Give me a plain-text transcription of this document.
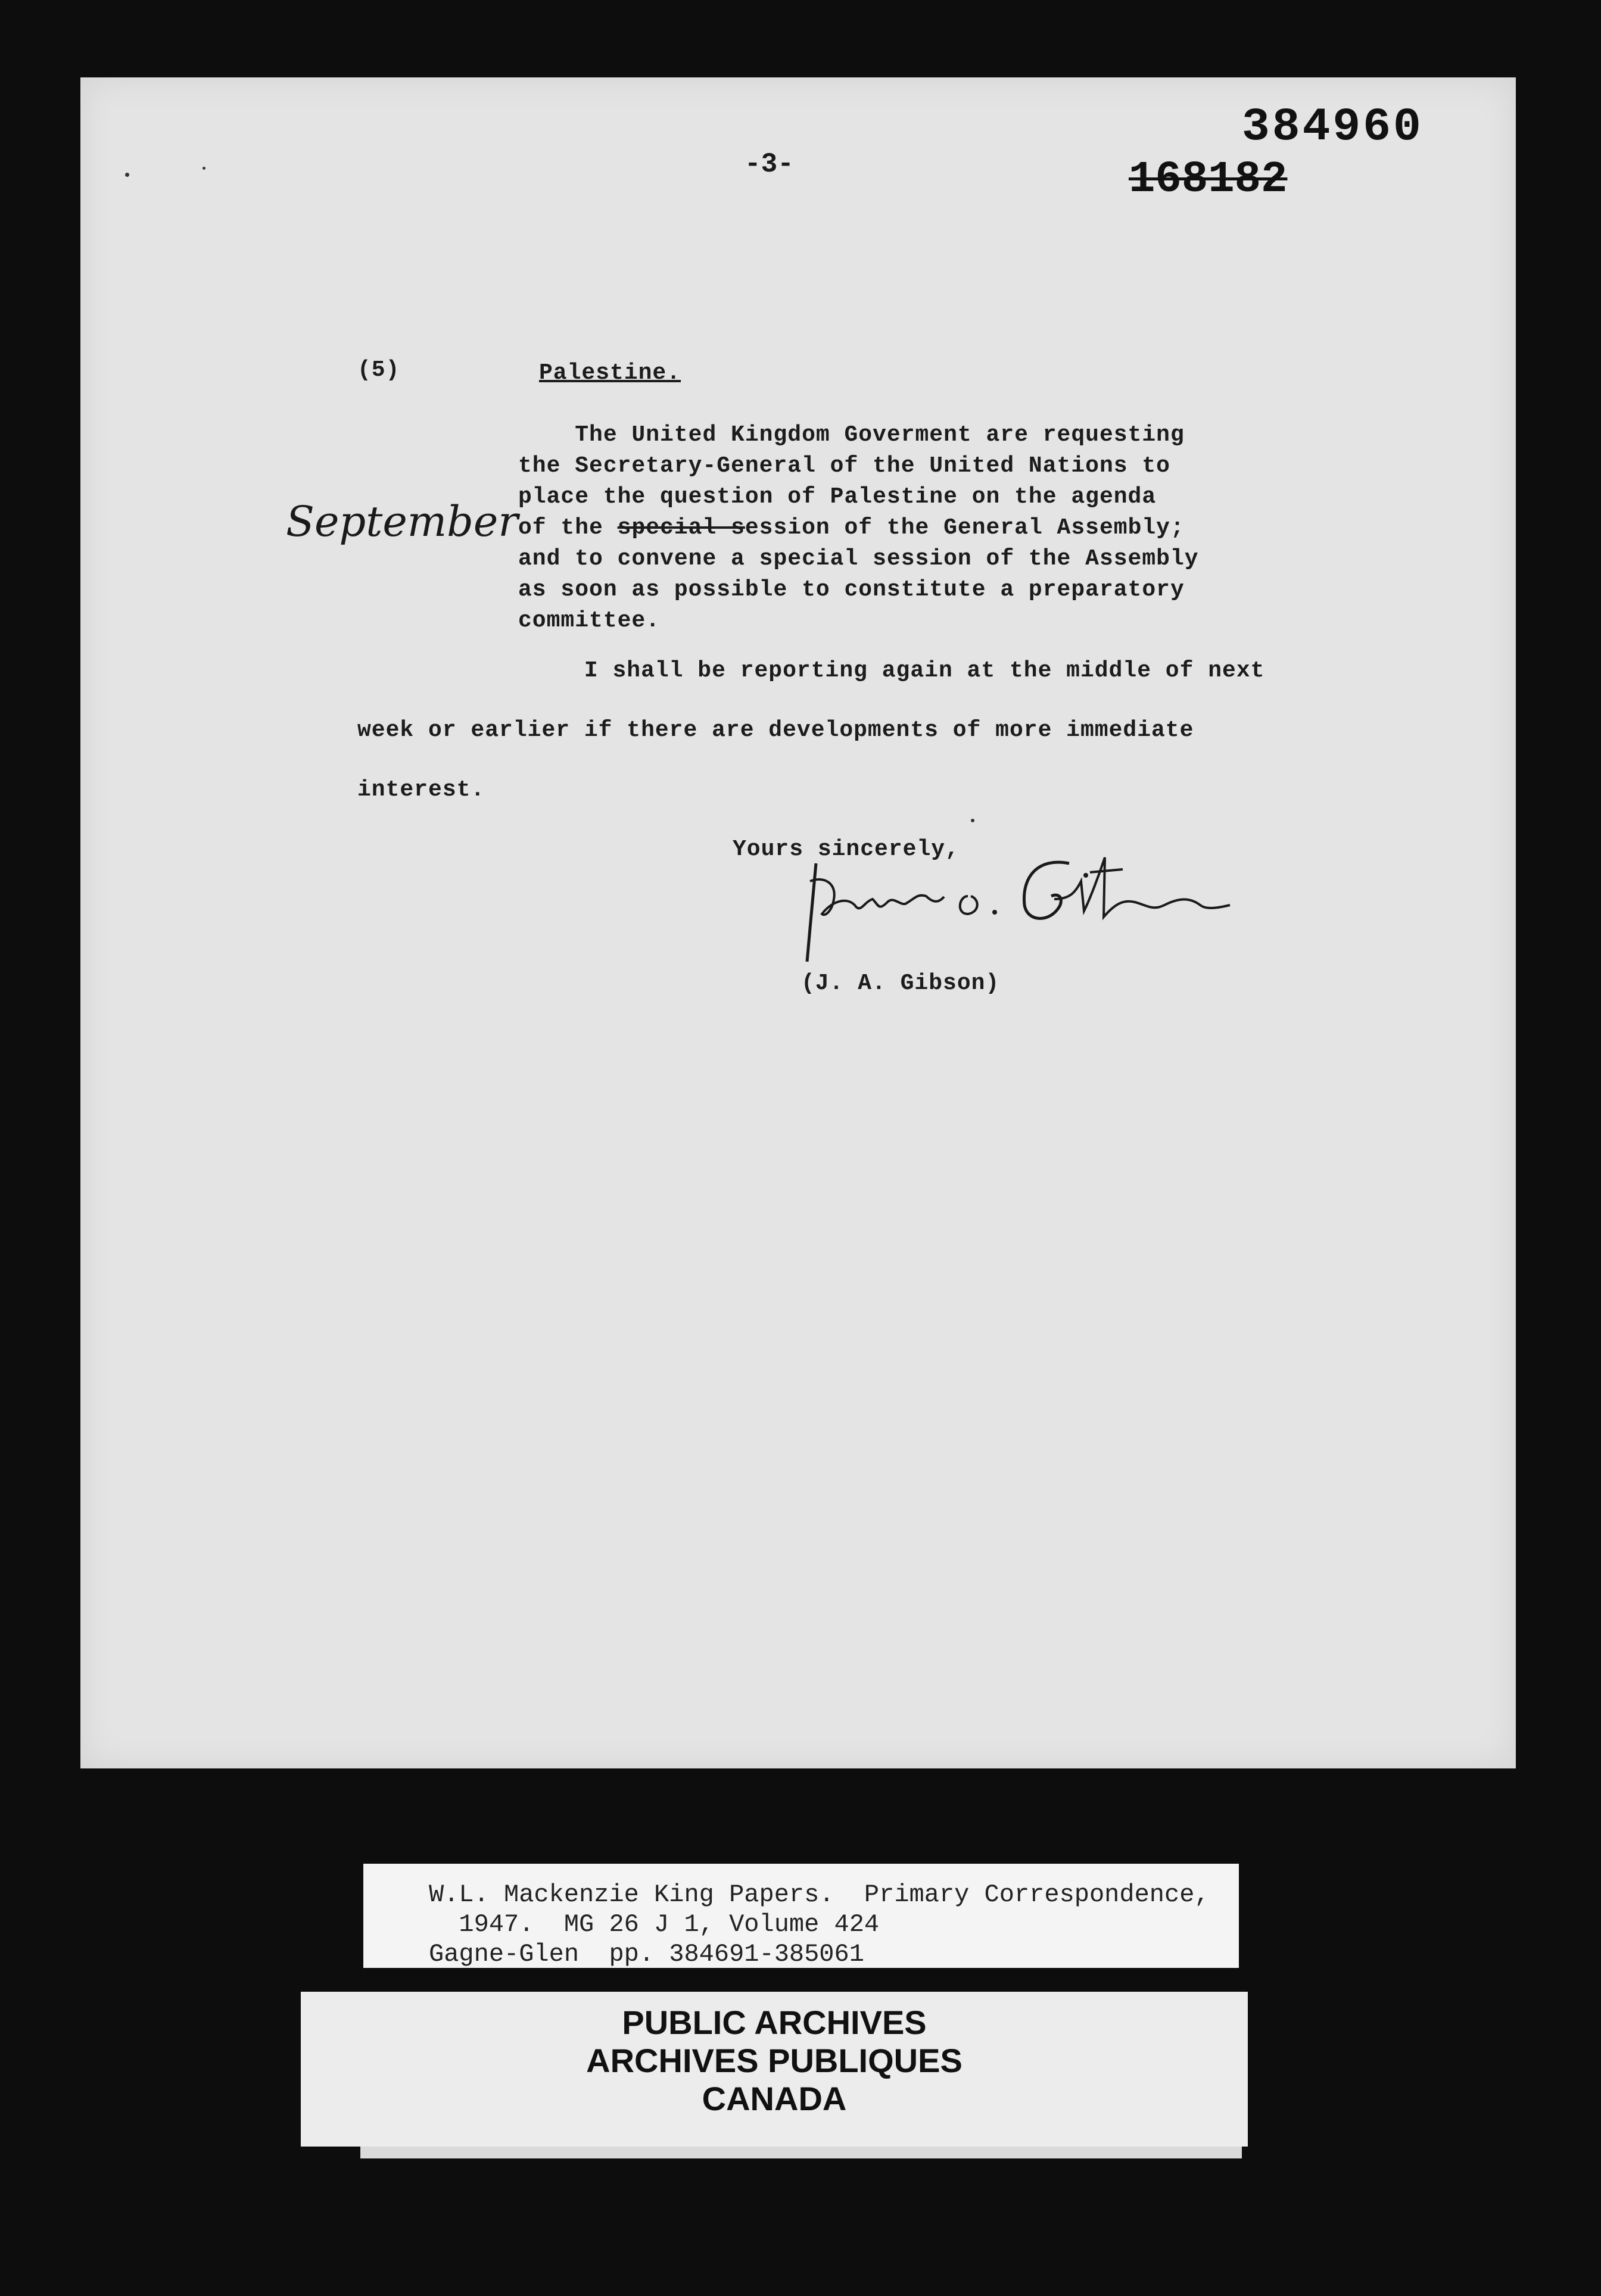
-3-
384960
168182
(5)	Palestine.
The United Kingdom Goverment are requesting
the Secretary-General of the United Nations to
place the question of Palestine on the agenda
of the special session of the General Assembly;
and to convene a special session of the Assembly
as soon as possible to constitute a preparatory
committee.
September
I shall be reporting again at the middle of next
week or earlier if there are developments of more immediate
interest.
Yours sincerely,
(J. A. Gibson)
W.L. Mackenzie King Papers.  Primary Correspondence,
1947.  MG 26 J 1, Volume 424
Gagne-Glen  pp. 384691-385061
PUBLIC ARCHIVES
ARCHIVES PUBLIQUES
CANADA
